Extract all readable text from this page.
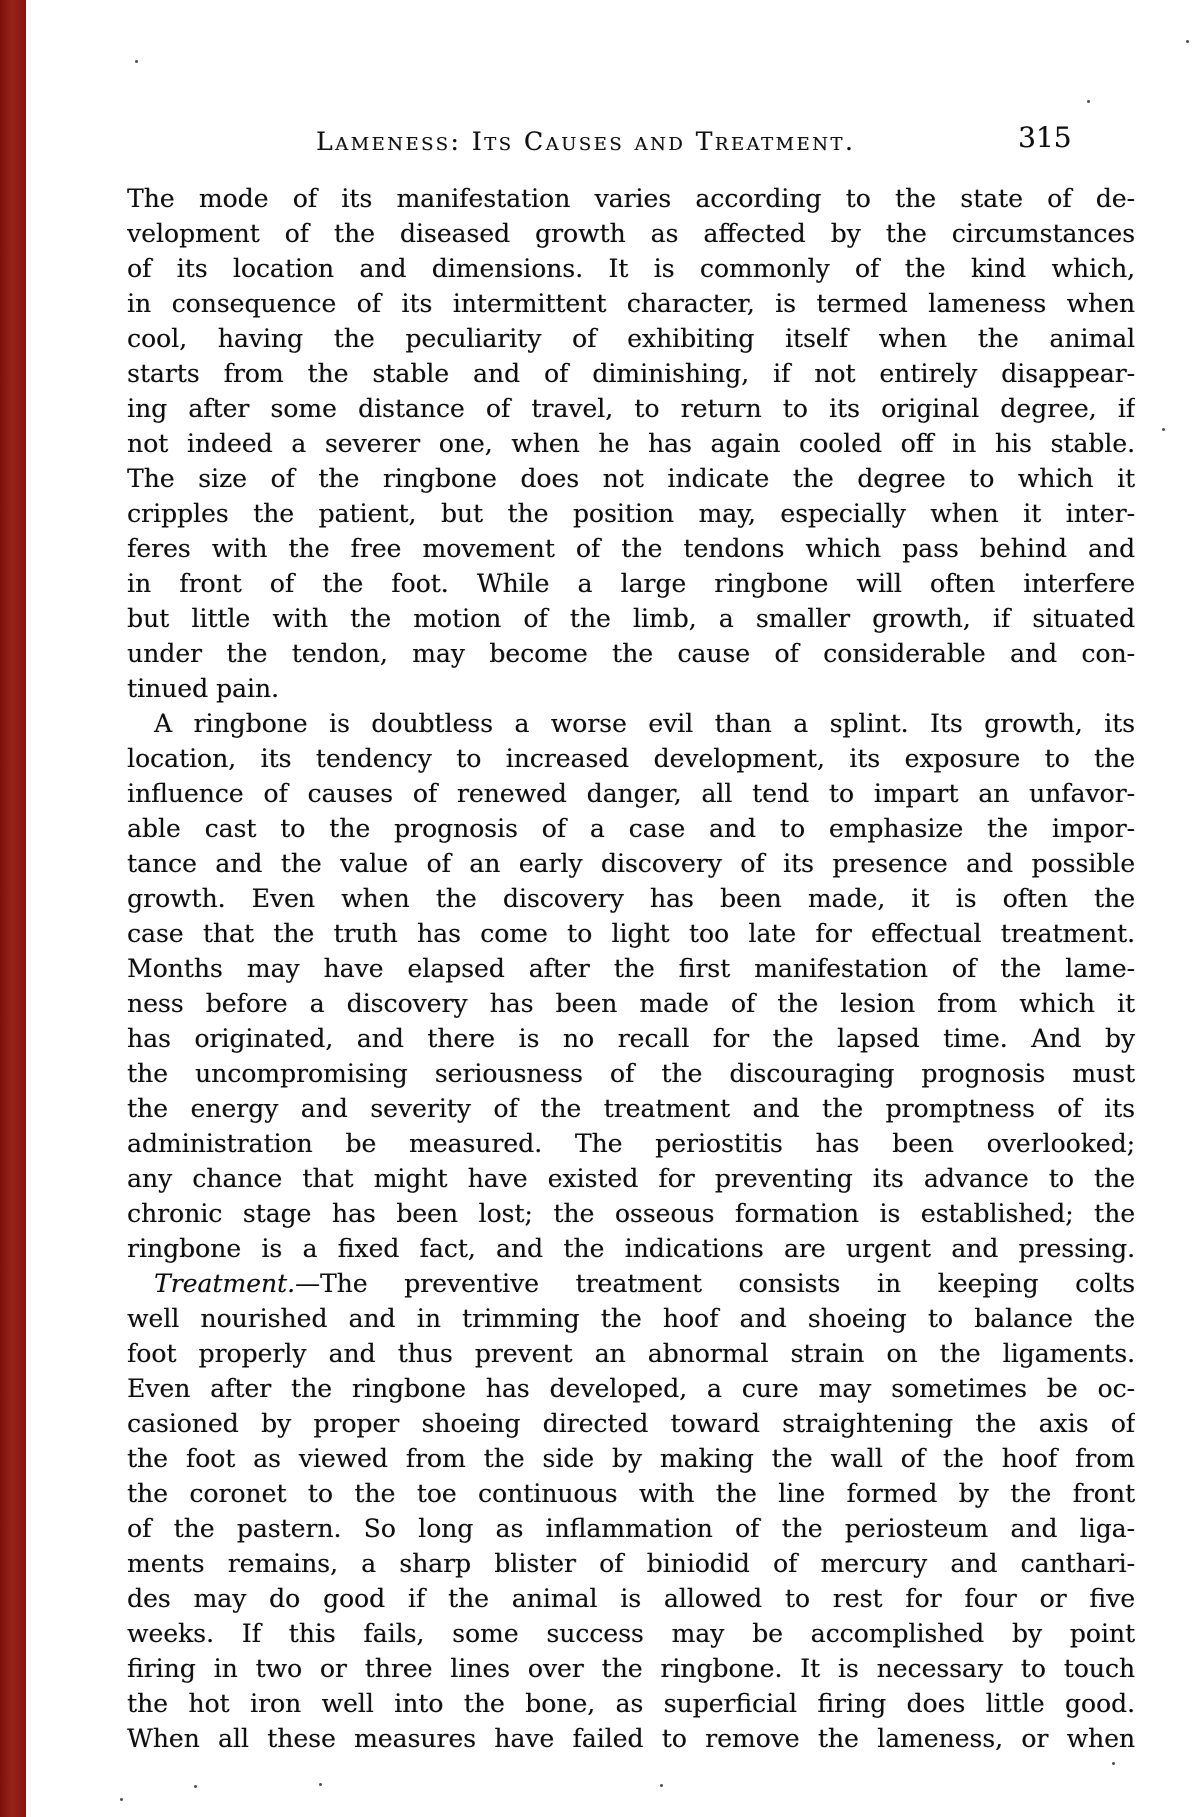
Lameness: Its Causes and Treatment.	315
The mode of its manifestation varies according to the state of de-
velopment of the diseased growth as affected by the circumstances
of its location and dimensions. It is commonly of the kind which,
in consequence of its intermittent character, is termed lameness when
cool, having the peculiarity of exhibiting itself when the animal
starts from the stable and of diminishing, if not entirely disappear-
ing after some distance of travel, to return to its original degree, if
not indeed a severer one, when he has again cooled off in his stable.
The size of the ringbone does not indicate the degree to which it
cripples the patient, but the position may, especially when it inter-
feres with the free movement of the tendons which pass behind and
in front of the foot. While a large ringbone will often interfere
but little with the motion of the limb, a smaller growth, if situated
under the tendon, may become the cause of considerable and con-
tinued pain.
A ringbone is doubtless a worse evil than a splint. Its growth, its
location, its tendency to increased development, its exposure to the
influence of causes of renewed danger, all tend to impart an unfavor-
able cast to the prognosis of a case and to emphasize the impor-
tance and the value of an early discovery of its presence and possible
growth. Even when the discovery has been made, it is often the
case that the truth has come to light too late for effectual treatment.
Months may have elapsed after the first manifestation of the lame-
ness before a discovery has been made of the lesion from which it
has originated, and there is no recall for the lapsed time. And by
the uncompromising seriousness of the discouraging prognosis must
the energy and severity of the treatment and the promptness of its
administration be measured. The periostitis has been overlooked;
any chance that might have existed for preventing its advance to the
chronic stage has been lost; the osseous formation is established; the
ringbone is a fixed fact, and the indications are urgent and pressing.
Treatment.—The preventive treatment consists in keeping colts
well nourished and in trimming the hoof and shoeing to balance the
foot properly and thus prevent an abnormal strain on the ligaments.
Even after the ringbone has developed, a cure may sometimes be oc-
casioned by proper shoeing directed toward straightening the axis of
the foot as viewed from the side by making the wall of the hoof from
the coronet to the toe continuous with the line formed by the front
of the pastern. So long as inflammation of the periosteum and liga-
ments remains, a sharp blister of biniodid of mercury and canthari-
des may do good if the animal is allowed to rest for four or five
weeks. If this fails, some success may be accomplished by point
firing in two or three lines over the ringbone. It is necessary to touch
the hot iron well into the bone, as superficial firing does little good.
When all these measures have failed to remove the lameness, or when
